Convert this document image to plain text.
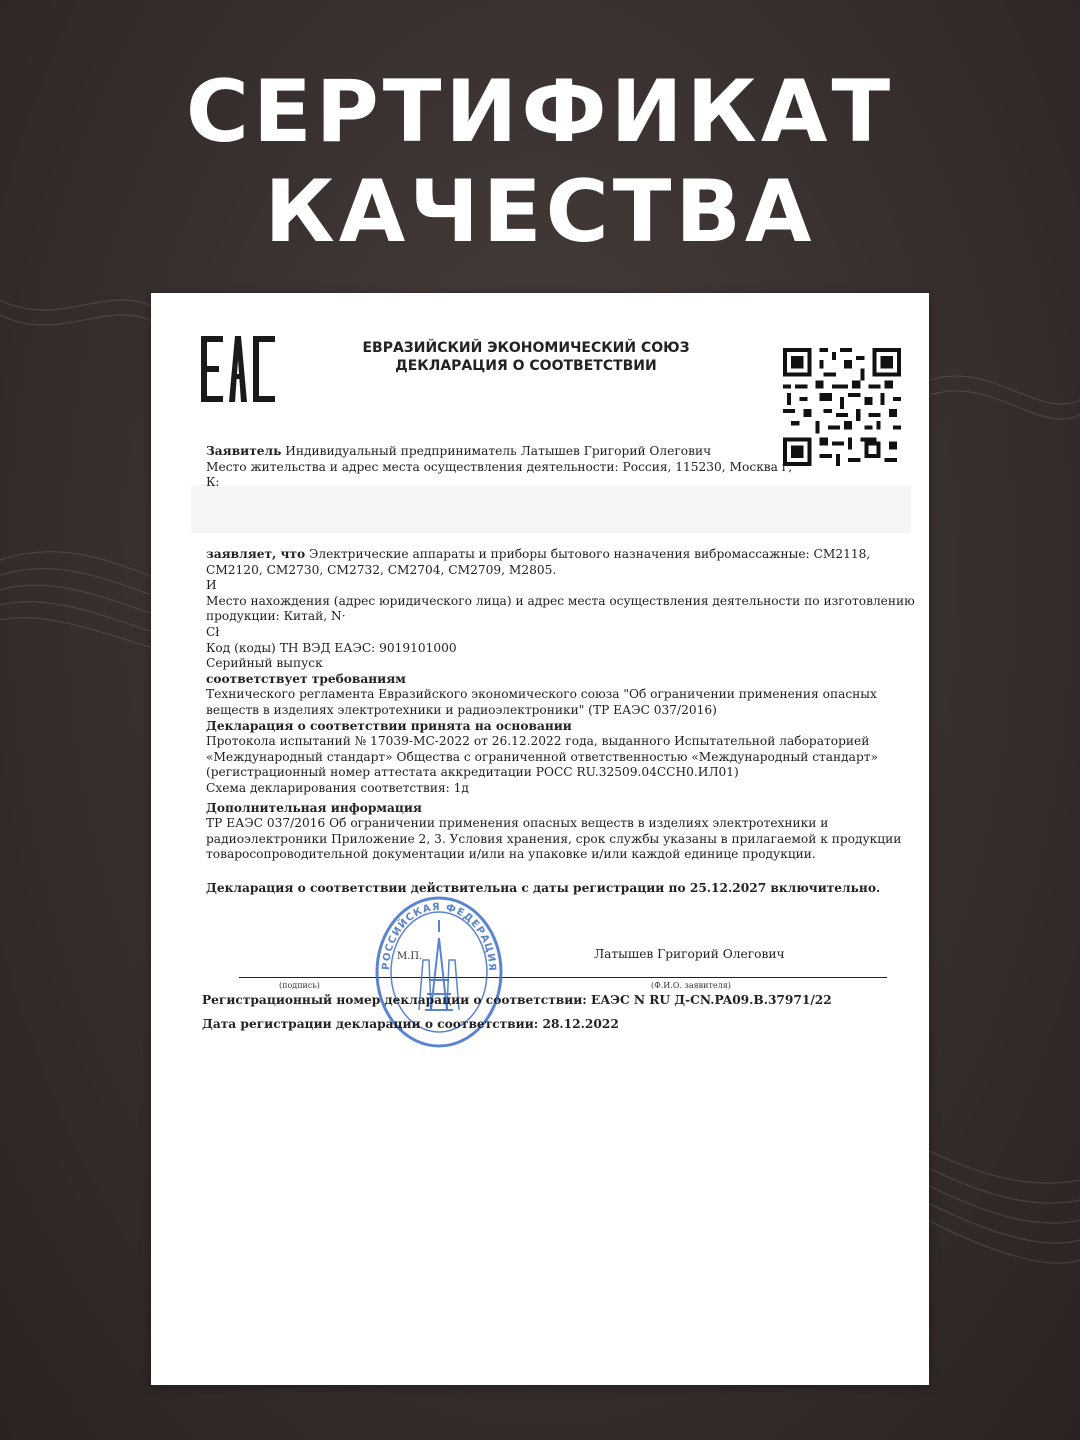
СЕРТИФИКАТ
КАЧЕСТВА
ЕВРАЗИЙСКИЙ ЭКОНОМИЧЕСКИЙ СОЮЗ
ДЕКЛАРАЦИЯ О СООТВЕТСТВИИ
Заявитель Индивидуальный предприниматель Латышев Григорий Олегович
Место жительства и адрес места осуществления деятельности: Россия, 115230, Москва г,
К:
заявляет, что Электрические аппараты и приборы бытового назначения вибромассажные: CM2118,
CM2120, CM2730, CM2732, CM2704, CM2709, M2805.
И
Место нахождения (адрес юридического лица) и адрес места осуществления деятельности по изготовлению
продукции: Китай, N·
Cł
Код (коды) ТН ВЭД ЕАЭС: 9019101000
Серийный выпуск
соответствует требованиям
Технического регламента Евразийского экономического союза "Об ограничении применения опасных
веществ в изделиях электротехники и радиоэлектроники" (ТР ЕАЭС 037/2016)
Декларация о соответствии принята на основании
Протокола испытаний № 17039-МС-2022 от 26.12.2022 года, выданного Испытательной лабораторией
«Международный стандарт» Общества с ограниченной ответственностью «Международный стандарт»
(регистрационный номер аттестата аккредитации РОСС RU.32509.04ССН0.ИЛ01)
Схема декларирования соответствия: 1д
Дополнительная информация
ТР ЕАЭС 037/2016 Об ограничении применения опасных веществ в изделиях электротехники и
радиоэлектроники Приложение 2, 3. Условия хранения, срок службы указаны в прилагаемой к продукции
товаросопроводительной документации и/или на упаковке и/или каждой единице продукции.
Декларация о соответствии действительна с даты регистрации по 25.12.2027 включительно.
Латышев Григорий Олегович
М.П.
(подпись)	(Ф.И.О. заявителя)
РОССИЙСКАЯ ФЕДЕРАЦИЯ
Регистрационный номер декларации о соответствии: ЕАЭС N RU Д-CN.PA09.B.37971/22
Дата регистрации декларации о соответствии: 28.12.2022
